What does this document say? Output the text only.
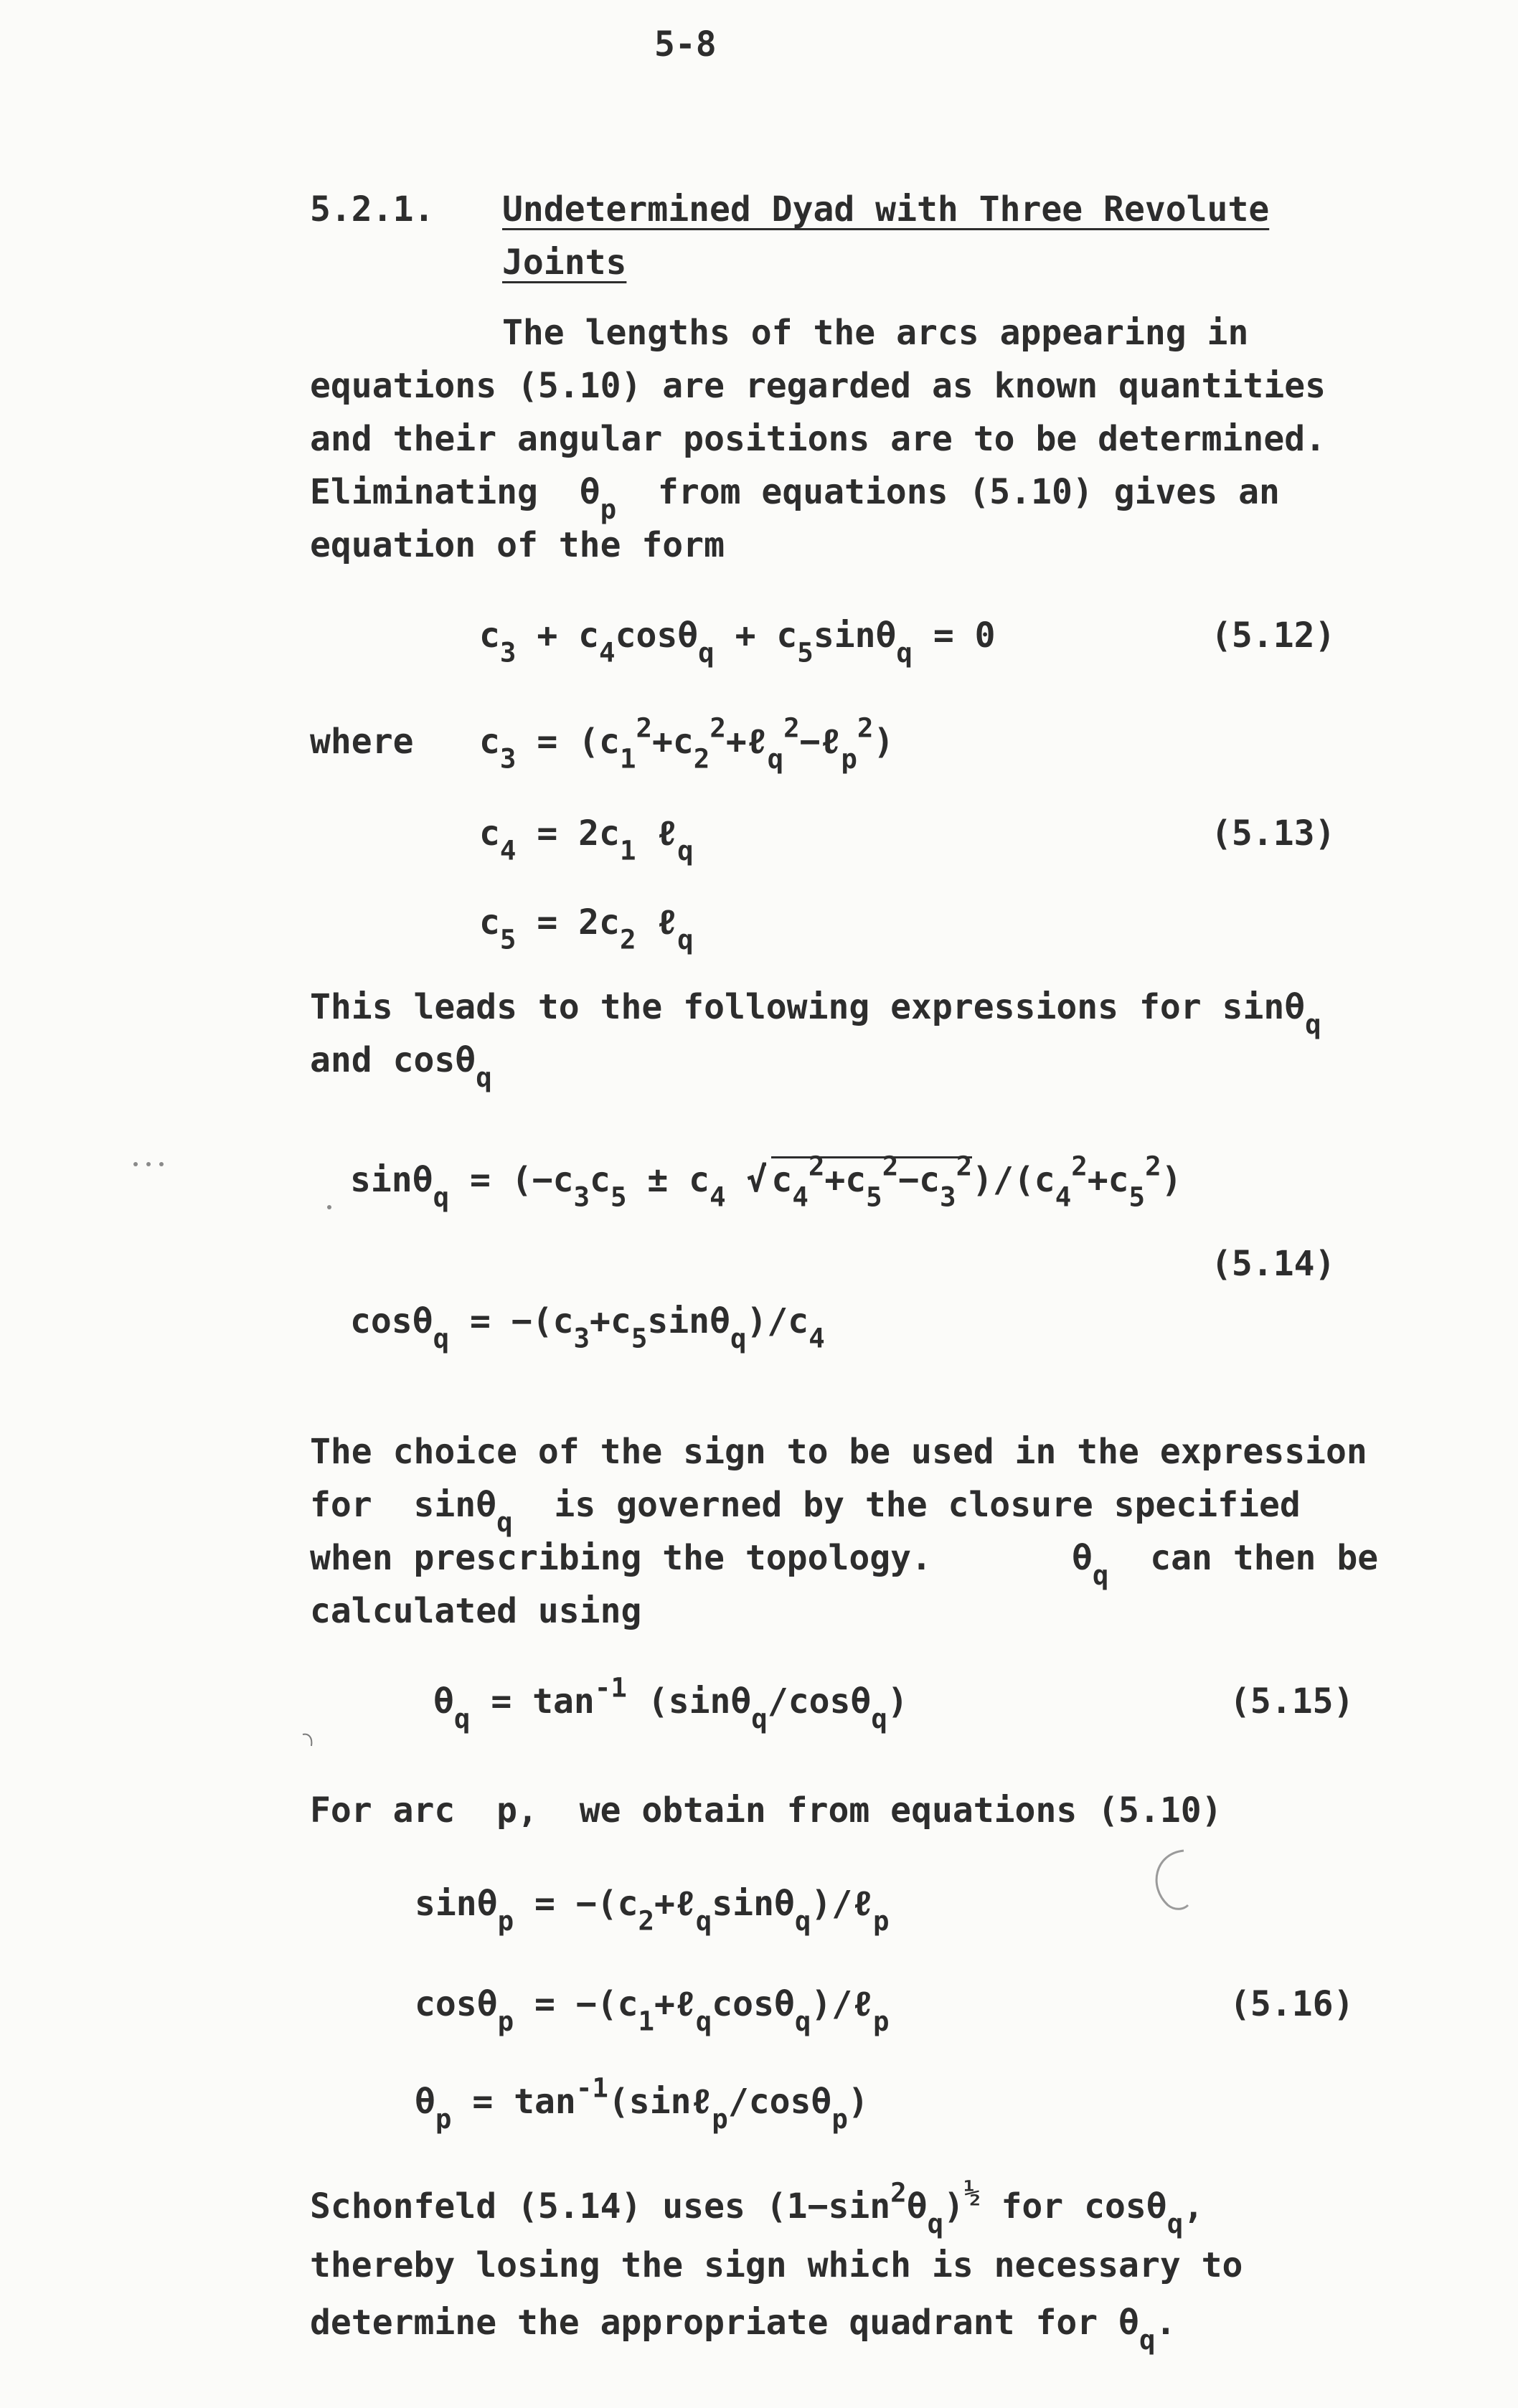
5-8
5.2.1. Undetermined Dyad with Three Revolute
Joints
The lengths of the arcs appearing in
equations (5.10) are regarded as known quantities
and their angular positions are to be determined.
Eliminating $\theta_p$ from equations (5.10) gives an
equation of the form
$c_3 + c_4\cos\theta_q + c_5\sin\theta_q = 0$	(5.12)
where $c_3$ = $(c_1^2+c_2^2+\ell_q^2-\ell_p^2)$
$c_4 = 2c_1$ ℓ$_q$	(5.13)
$c_5 = 2c_2$ ℓ$_q$
This leads to the following expressions for sinθ$_q$
and cosθ$_q$
$\sin\theta_q = (-c_3c_5 \pm c_4$ √ $c_4^2+c_5^2-c_3^2)/(c_4^2+c_5^2)$
(5.14)
$\cos\theta_q = -(c_3+c_5\sin\theta_q)/c_4$
The choice of the sign to be used in the expression
for sinθ$_q$ is governed by the closure specified
when prescribing the topology.	$\theta_q$ can then be
calculated using
$\theta_q = \tan^{-1} (\sin\theta_q/\cos\theta_q)$	(5.15)
For arc p, we obtain from equations (5.10)
$\sin\theta_p = -(c_2+\ell_q\sin\theta_q)/\ell_p$
$\cos\theta_p = -(c_1+\ell_q\cos\theta_q)/\ell_p$	(5.16)
$\theta_p$ = $\tan^{-1}(\sin\ell_p/\cos\theta_p)$
Schonfeld (5.14) uses $(1-\sin^2\theta_q)^{\frac{1}{2}}$ for cosθ$_q$,
thereby losing the sign which is necessary to
determine the appropriate quadrant for $\theta_q$.
